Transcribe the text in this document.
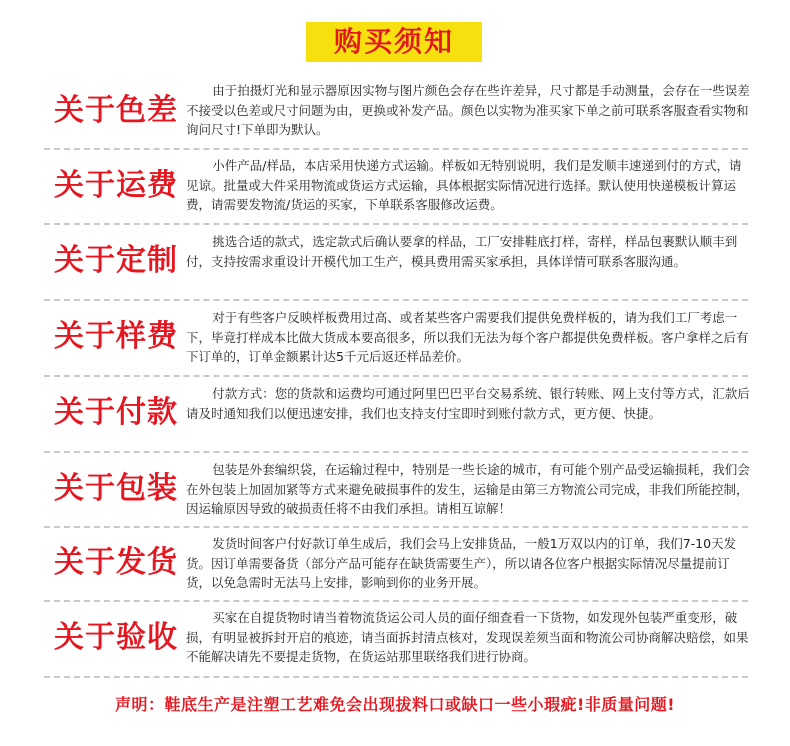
购买须知
关于色差
由于拍摄灯光和显示器原因实物与图片颜色会存在些许差异，尺寸都是手动测量，会存在一些误差不接受以色差或尺寸问题为由，更换或补发产品。颜色以实物为准买家下单之前可联系客服查看实物和询问尺寸!下单即为默认。
关于运费
小件产品/样品，本店采用快递方式运输。样板如无特别说明，我们是发顺丰速递到付的方式，请见谅。批量或大件采用物流或货运方式运输，具体根据实际情况进行选择。默认使用快递模板计算运费，请需要发物流/货运的买家，下单联系客服修改运费。
关于定制
挑选合适的款式，选定款式后确认要拿的样品，工厂安排鞋底打样，寄样，样品包裹默认顺丰到付，支持按需求重设计开模代加工生产，模具费用需买家承担，具体详情可联系客服沟通。
关于样费
对于有些客户反映样板费用过高、或者某些客户需要我们提供免费样板的，请为我们工厂考虑一下，毕竟打样成本比做大货成本要高很多，所以我们无法为每个客户都提供免费样板。客户拿样之后有下订单的，订单金额累计达5千元后返还样品差价。
关于付款
付款方式：您的货款和运费均可通过阿里巴巴平台交易系统、银行转账、网上支付等方式，汇款后请及时通知我们以便迅速安排，我们也支持支付宝即时到账付款方式，更方便、快捷。
关于包装
包装是外套编织袋，在运输过程中，特别是一些长途的城市，有可能个别产品受运输损耗，我们会在外包装上加固加紧等方式来避免破损事件的发生，运输是由第三方物流公司完成，非我们所能控制，因运输原因导致的破损责任将不由我们承担。请相互谅解！
关于发货
发货时间客户付好款订单生成后，我们会马上安排货品，一般1万双以内的订单，我们7-10天发货。因订单需要备货（部分产品可能存在缺货需要生产），所以请各位客户根据实际情况尽量提前订货，以免急需时无法马上安排，影响到你的业务开展。
关于验收
买家在自提货物时请当着物流货运公司人员的面仔细查看一下货物，如发现外包装严重变形，破损，有明显被拆封开启的痕迹，请当面拆封清点核对，发现误差须当面和物流公司协商解决赔偿，如果不能解决请先不要提走货物，在货运站那里联络我们进行协商。
声明：鞋底生产是注塑工艺难免会出现拔料口或缺口一些小瑕疵!非质量问题!
